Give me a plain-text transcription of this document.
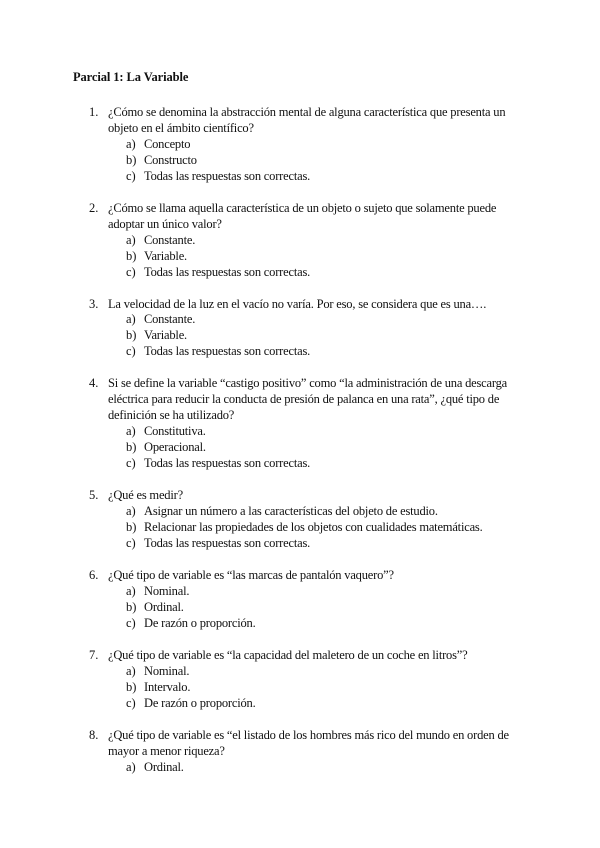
Parcial 1: La Variable
1. ¿Cómo se denomina la abstracción mental de alguna característica que presenta un objeto en el ámbito científico?
a) Concepto
b) Constructo
c) Todas las respuestas son correctas.
2. ¿Cómo se llama aquella característica de un objeto o sujeto que solamente puede adoptar un único valor?
a) Constante.
b) Variable.
c) Todas las respuestas son correctas.
3. La velocidad de la luz en el vacío no varía. Por eso, se considera que es una….
a) Constante.
b) Variable.
c) Todas las respuestas son correctas.
4. Si se define la variable “castigo positivo” como “la administración de una descarga eléctrica para reducir la conducta de presión de palanca en una rata”, ¿qué tipo de definición se ha utilizado?
a) Constitutiva.
b) Operacional.
c) Todas las respuestas son correctas.
5. ¿Qué es medir?
a) Asignar un número a las características del objeto de estudio.
b) Relacionar las propiedades de los objetos con cualidades matemáticas.
c) Todas las respuestas son correctas.
6. ¿Qué tipo de variable es “las marcas de pantalón vaquero”?
a) Nominal.
b) Ordinal.
c) De razón o proporción.
7. ¿Qué tipo de variable es “la capacidad del maletero de un coche en litros”?
a) Nominal.
b) Intervalo.
c) De razón o proporción.
8. ¿Qué tipo de variable es “el listado de los hombres más rico del mundo en orden de mayor a menor riqueza?
a) Ordinal.
